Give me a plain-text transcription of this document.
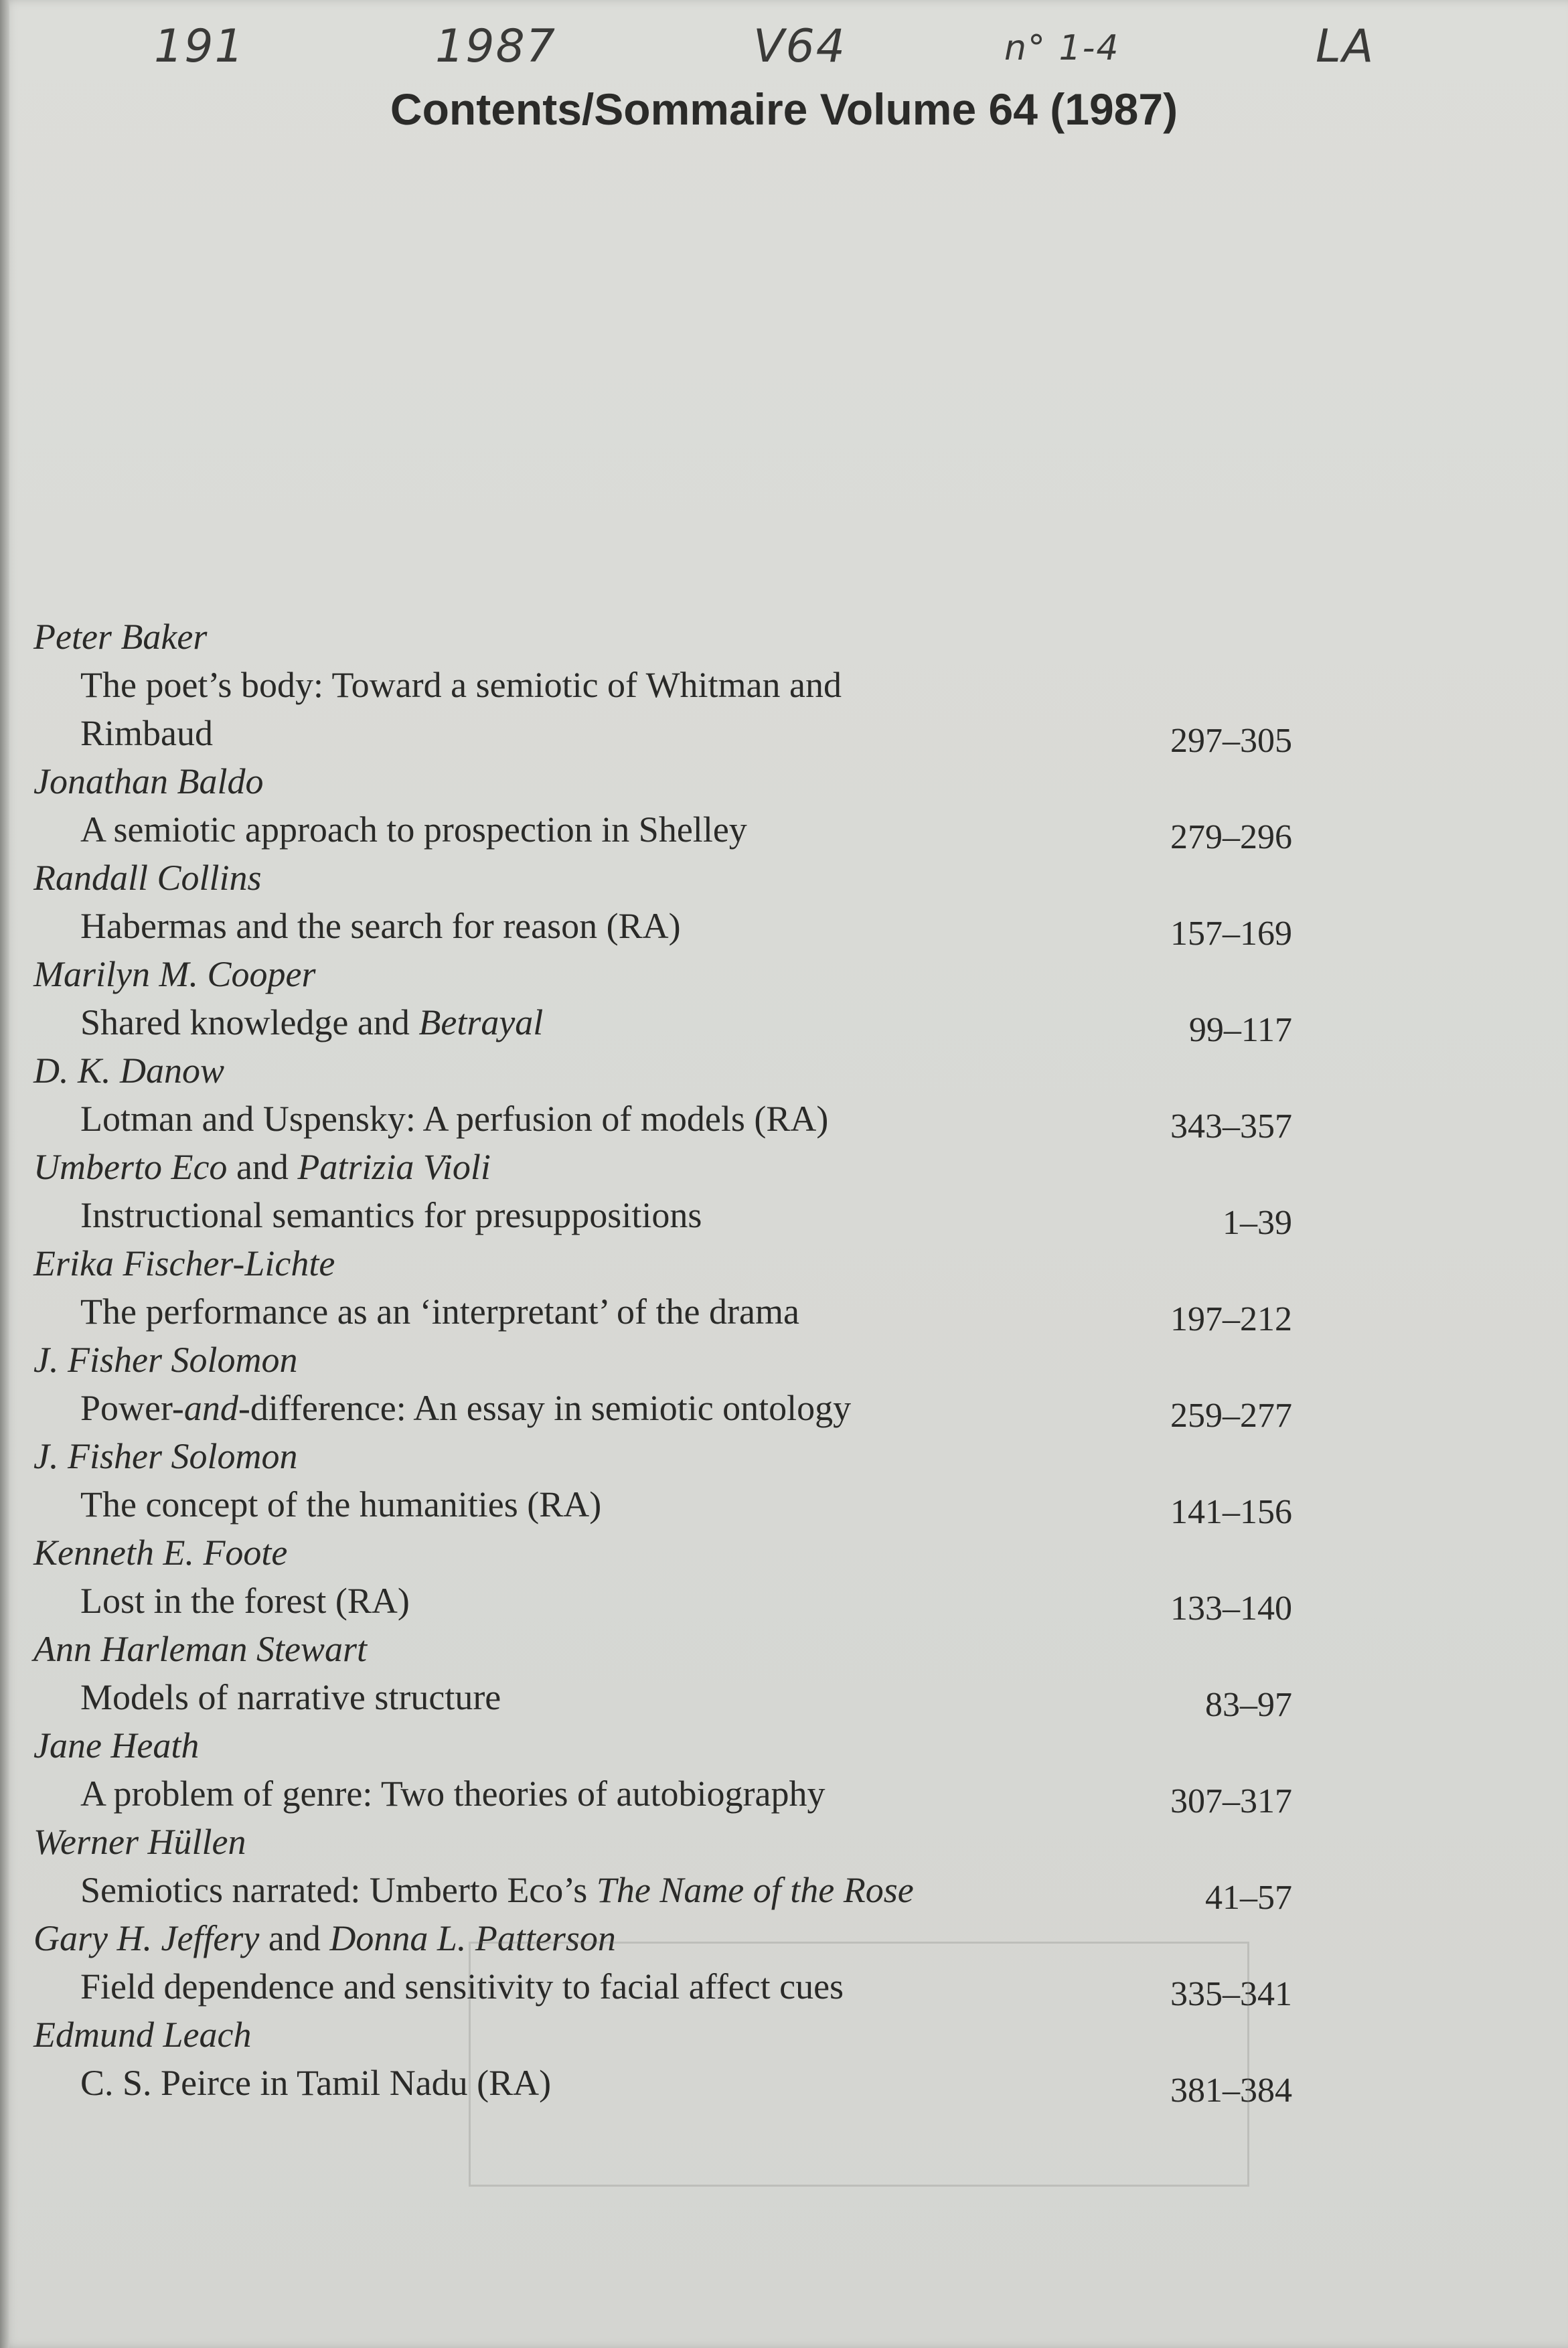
191	1987	V64	n° 1-4	LA
Contents/Sommaire Volume 64 (1987)
Peter Baker
The poet’s body: Toward a semiotic of Whitman and
Rimbaud	297–305
Jonathan Baldo
A semiotic approach to prospection in Shelley	279–296
Randall Collins
Habermas and the search for reason (RA)	157–169
Marilyn M. Cooper
Shared knowledge and Betrayal	99–117
D. K. Danow
Lotman and Uspensky: A perfusion of models (RA)	343–357
Umberto Eco and Patrizia Violi
Instructional semantics for presuppositions	1–39
Erika Fischer-Lichte
The performance as an ‘interpretant’ of the drama	197–212
J. Fisher Solomon
Power-and-difference: An essay in semiotic ontology	259–277
J. Fisher Solomon
The concept of the humanities (RA)	141–156
Kenneth E. Foote
Lost in the forest (RA)	133–140
Ann Harleman Stewart
Models of narrative structure	83–97
Jane Heath
A problem of genre: Two theories of autobiography	307–317
Werner Hüllen
Semiotics narrated: Umberto Eco’s The Name of the Rose	41–57
Gary H. Jeffery and Donna L. Patterson
Field dependence and sensitivity to facial affect cues	335–341
Edmund Leach
C. S. Peirce in Tamil Nadu (RA)	381–384
